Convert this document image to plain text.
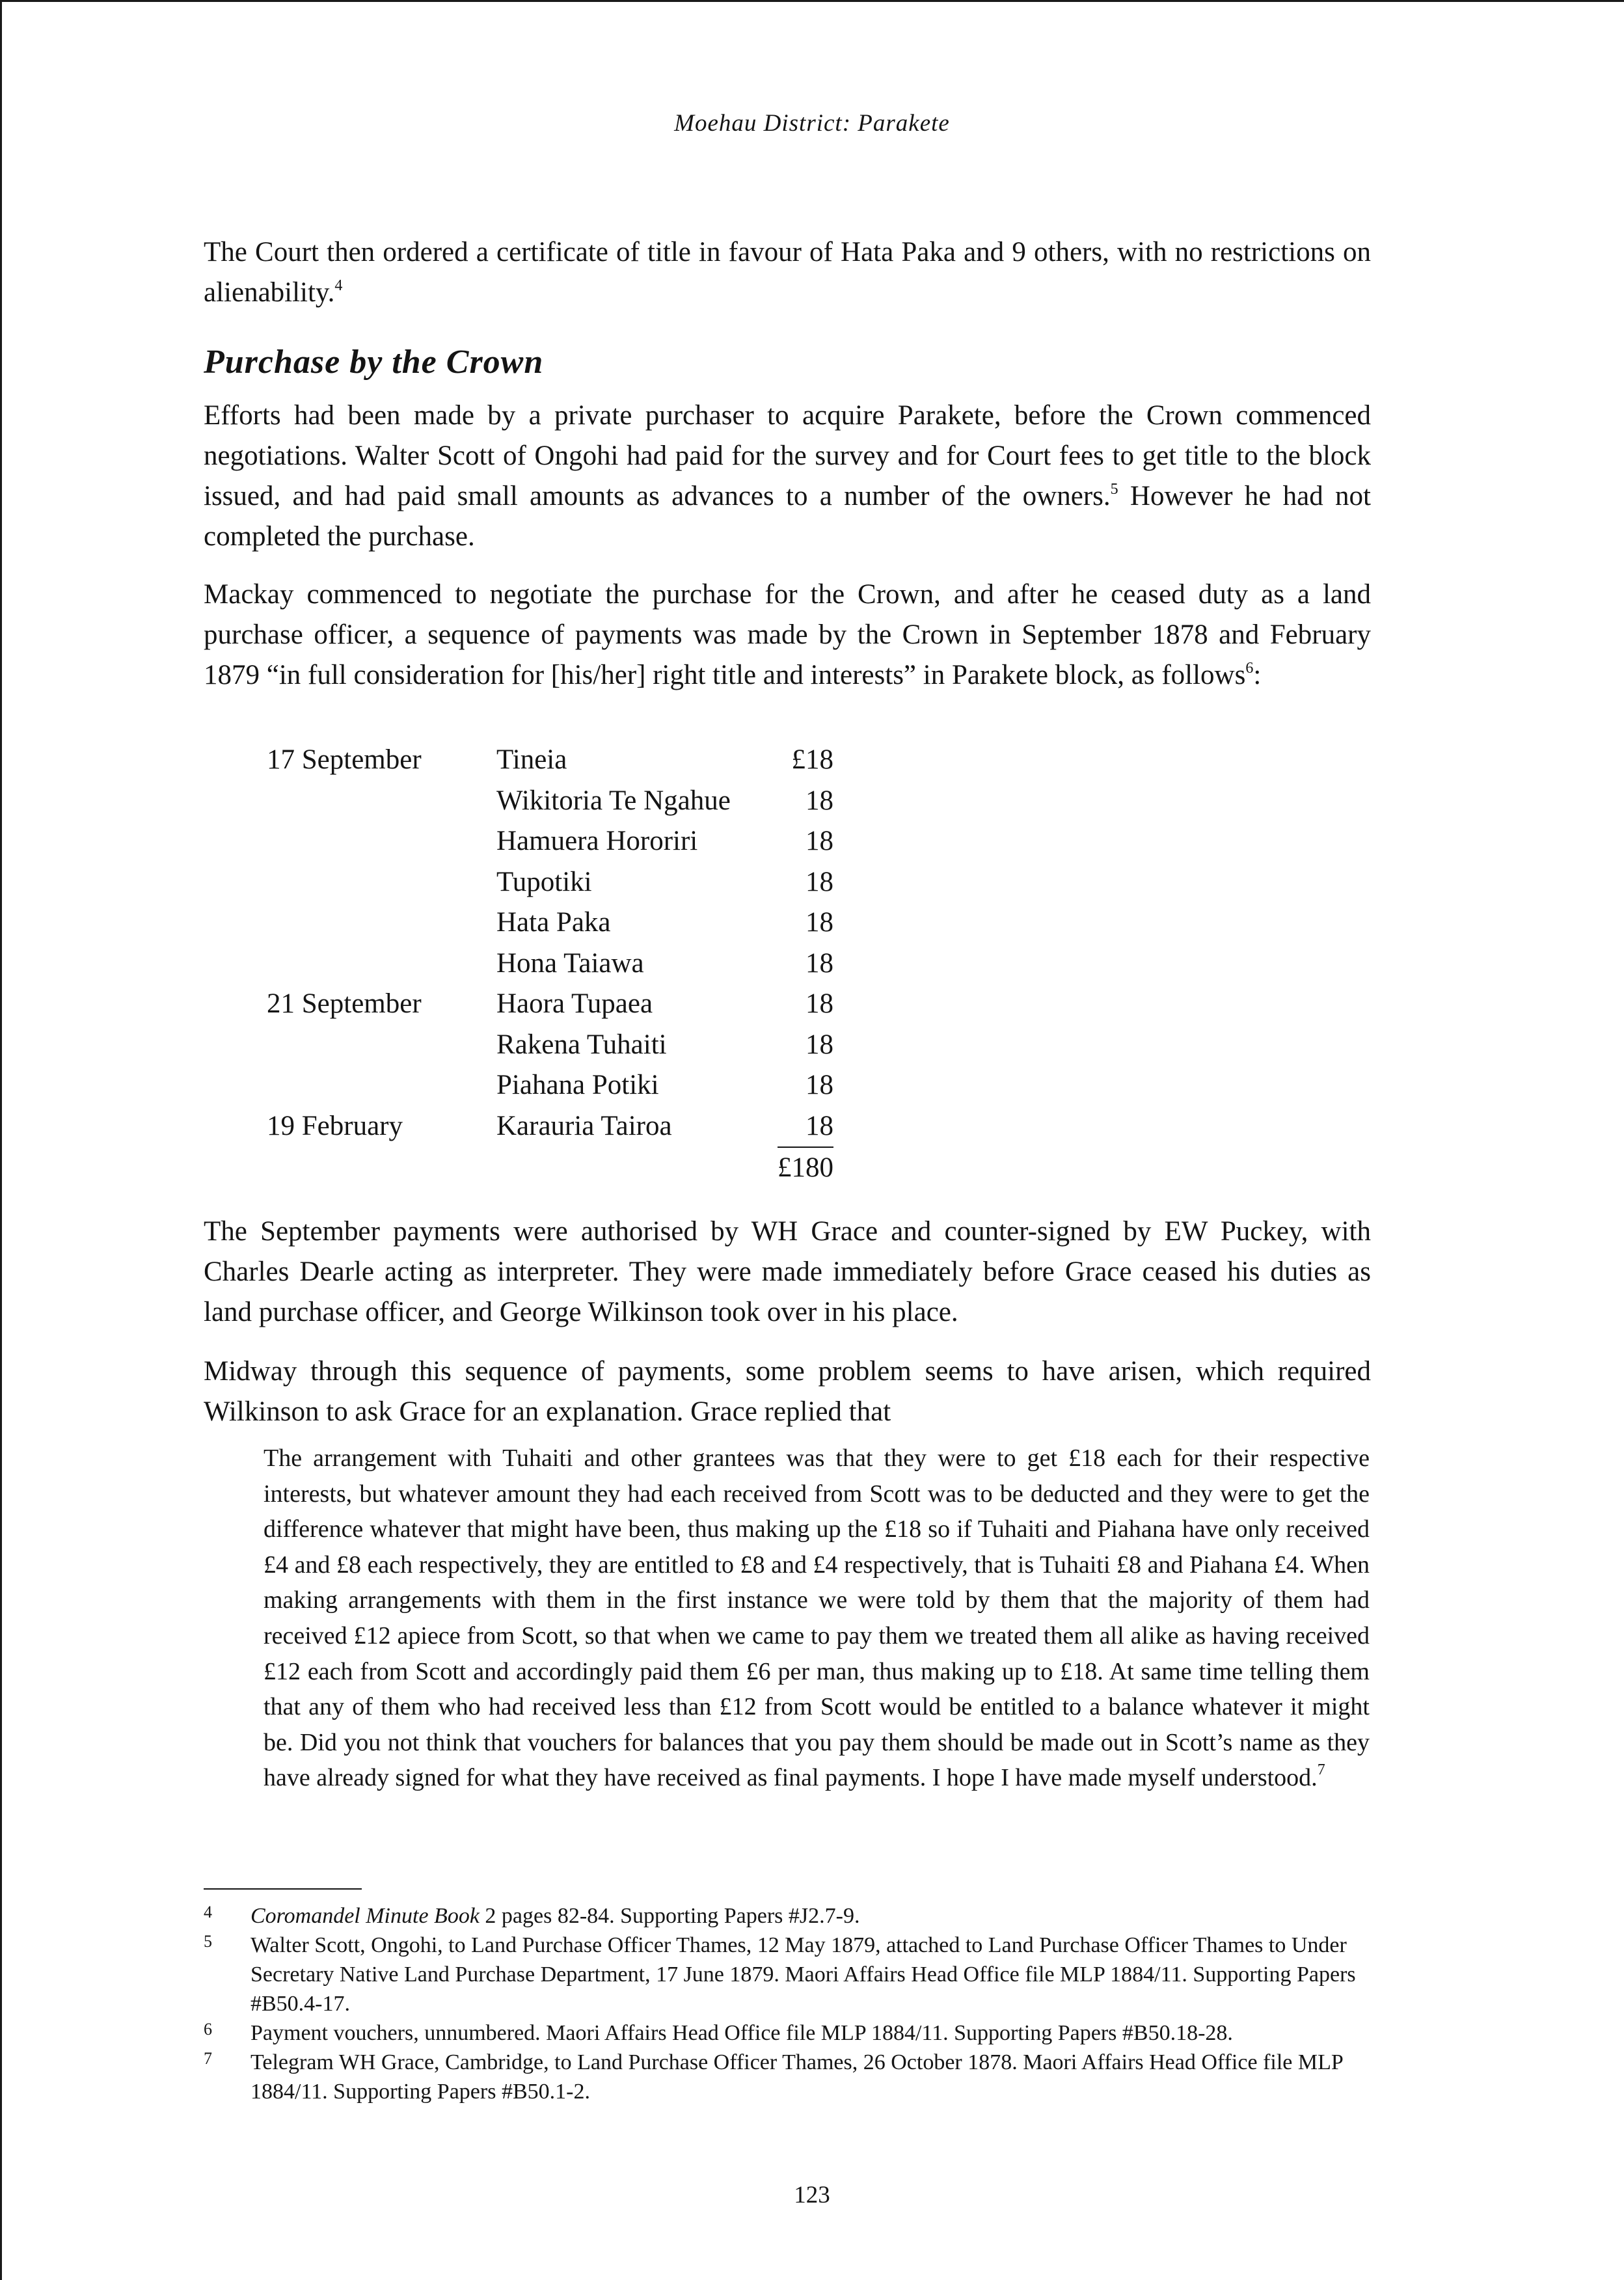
Moehau District: Parakete

The Court then ordered a certificate of title in favour of Hata Paka and 9 others, with no restrictions on alienability.$^4$

Purchase by the Crown

Efforts had been made by a private purchaser to acquire Parakete, before the Crown commenced negotiations. Walter Scott of Ongohi had paid for the survey and for Court fees to get title to the block issued, and had paid small amounts as advances to a number of the owners.$^5$ However he had not completed the purchase.

Mackay commenced to negotiate the purchase for the Crown, and after he ceased duty as a land purchase officer, a sequence of payments was made by the Crown in September 1878 and February 1879 “in full consideration for [his/her] right title and interests” in Parakete block, as follows$^6$:

17 September	Tineia	£18
	Wikitoria Te Ngahue	18
	Hamuera Hororiri	18
	Tupotiki	18
	Hata Paka	18
	Hona Taiawa	18
21 September	Haora Tupaea	18
	Rakena Tuhaiti	18
	Piahana Potiki	18
19 February	Karauria Tairoa	18
		£180

The September payments were authorised by WH Grace and counter-signed by EW Puckey, with Charles Dearle acting as interpreter. They were made immediately before Grace ceased his duties as land purchase officer, and George Wilkinson took over in his place.

Midway through this sequence of payments, some problem seems to have arisen, which required Wilkinson to ask Grace for an explanation. Grace replied that

The arrangement with Tuhaiti and other grantees was that they were to get £18 each for their respective interests, but whatever amount they had each received from Scott was to be deducted and they were to get the difference whatever that might have been, thus making up the £18 so if Tuhaiti and Piahana have only received £4 and £8 each respectively, they are entitled to £8 and £4 respectively, that is Tuhaiti £8 and Piahana £4. When making arrangements with them in the first instance we were told by them that the majority of them had received £12 apiece from Scott, so that when we came to pay them we treated them all alike as having received £12 each from Scott and accordingly paid them £6 per man, thus making up to £18. At same time telling them that any of them who had received less than £12 from Scott would be entitled to a balance whatever it might be. Did you not think that vouchers for balances that you pay them should be made out in Scott’s name as they have already signed for what they have received as final payments. I hope I have made myself understood.$^7$

4 Coromandel Minute Book 2 pages 82-84. Supporting Papers #J2.7-9.

5 Walter Scott, Ongohi, to Land Purchase Officer Thames, 12 May 1879, attached to Land Purchase Officer Thames to Under Secretary Native Land Purchase Department, 17 June 1879. Maori Affairs Head Office file MLP 1884/11. Supporting Papers #B50.4-17.

6 Payment vouchers, unnumbered. Maori Affairs Head Office file MLP 1884/11. Supporting Papers #B50.18-28.

7 Telegram WH Grace, Cambridge, to Land Purchase Officer Thames, 26 October 1878. Maori Affairs Head Office file MLP 1884/11. Supporting Papers #B50.1-2.

123
